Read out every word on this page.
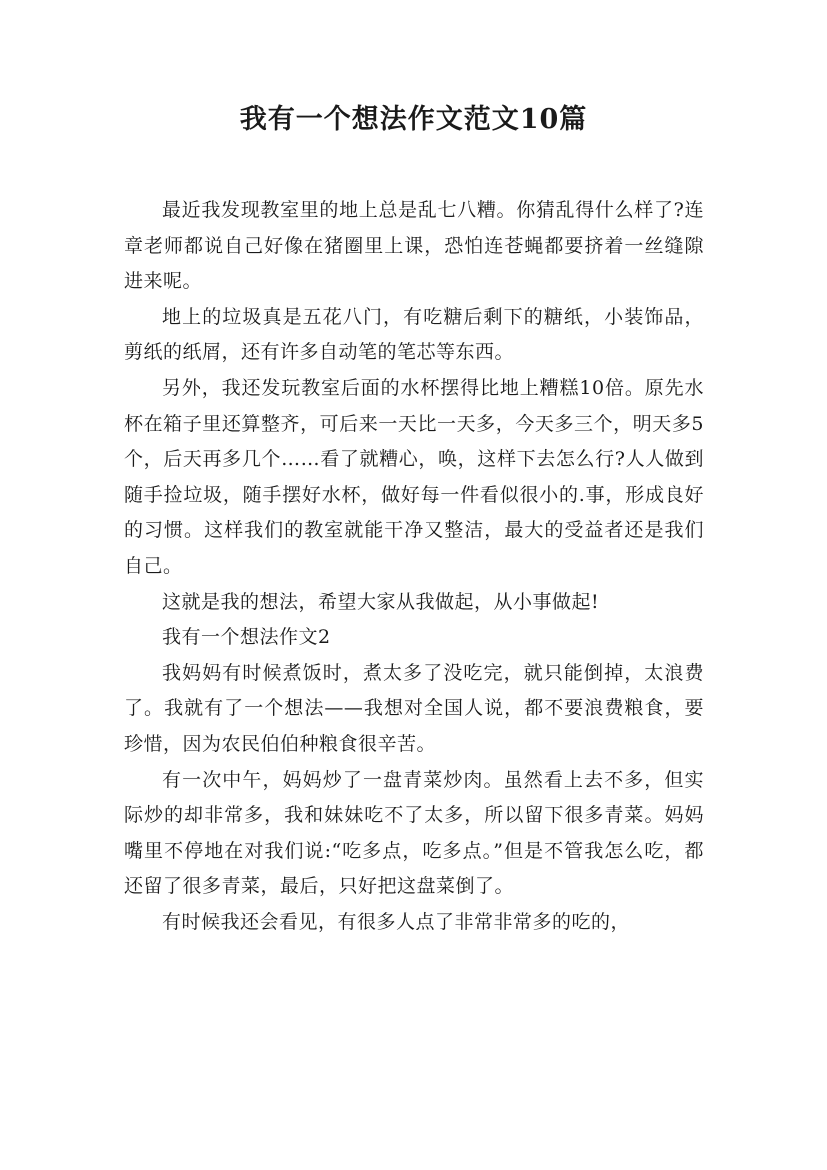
我有一个想法作文范文10篇

最近我发现教室里的地上总是乱七八糟。你猜乱得什么样了?连章老师都说自己好像在猪圈里上课，恐怕连苍蝇都要挤着一丝缝隙进来呢。

地上的垃圾真是五花八门，有吃糖后剩下的糖纸，小装饰品，剪纸的纸屑，还有许多自动笔的笔芯等东西。

另外，我还发玩教室后面的水杯摆得比地上糟糕10倍。原先水杯在箱子里还算整齐，可后来一天比一天多，今天多三个，明天多5个，后天再多几个……看了就糟心，唤，这样下去怎么行?人人做到随手捡垃圾，随手摆好水杯，做好每一件看似很小的.事，形成良好的习惯。这样我们的教室就能干净又整洁，最大的受益者还是我们自己。

这就是我的想法，希望大家从我做起，从小事做起!

我有一个想法作文2

我妈妈有时候煮饭时，煮太多了没吃完，就只能倒掉，太浪费了。我就有了一个想法——我想对全国人说，都不要浪费粮食，要珍惜，因为农民伯伯种粮食很辛苦。

有一次中午，妈妈炒了一盘青菜炒肉。虽然看上去不多，但实际炒的却非常多，我和妹妹吃不了太多，所以留下很多青菜。妈妈嘴里不停地在对我们说:“吃多点，吃多点。”但是不管我怎么吃，都还留了很多青菜，最后，只好把这盘菜倒了。

有时候我还会看见，有很多人点了非常非常多的吃的，
